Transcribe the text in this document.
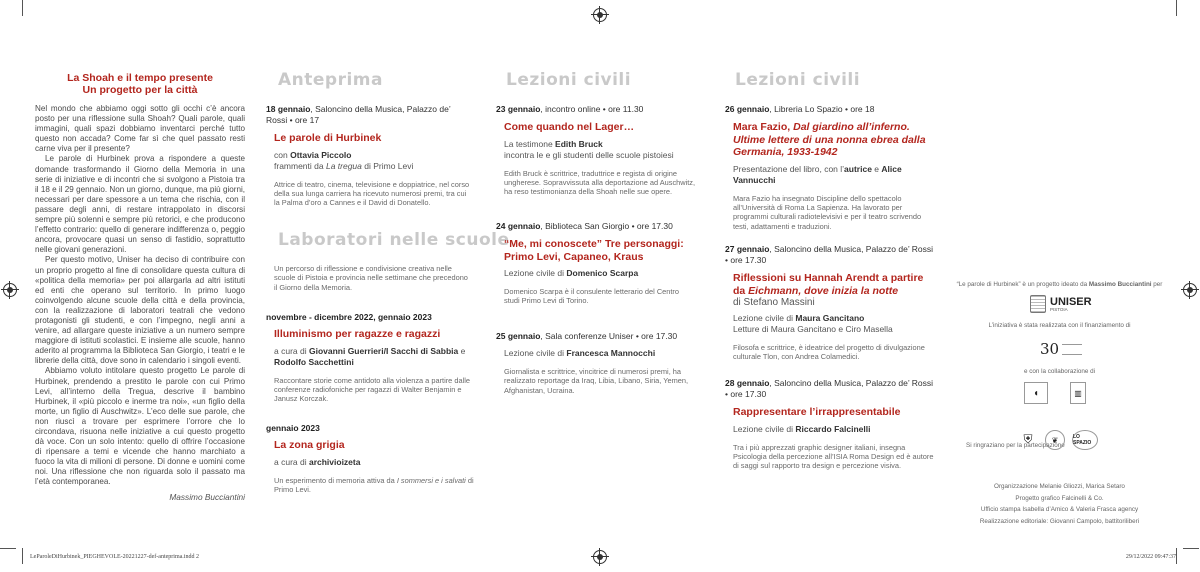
La Shoah e il tempo presente
Un progetto per la città

Nel mondo che abbiamo oggi sotto gli occhi c’è ancora posto per una riflessione sulla Shoah? Quali parole, quali immagini, quali spazi dobbiamo inventarci perché tutto questo non accada? Come far sì che quel passato resti carne viva per il presente?

Le parole di Hurbinek prova a rispondere a queste domande trasformando il Giorno della Memoria in una serie di iniziative e di incontri che si svolgono a Pistoia tra il 18 e il 29 gennaio. Non un giorno, dunque, ma più giorni, necessari per dare spessore a un tema che rischia, con il passare degli anni, di restare intrappolato in discorsi sempre più solenni e sempre più retorici, e che producono l’effetto contrario: quello di generare indifferenza o, peggio ancora, provocare quasi un senso di fastidio, soprattutto nelle giovani generazioni.

Per questo motivo, Uniser ha deciso di contribuire con un proprio progetto al fine di consolidare questa cultura di «politica della memoria» per poi allargarla ad altri istituti ed enti che operano sul territorio. In primo luogo coinvolgendo alcune scuole della città e della provincia, con la realizzazione di laboratori teatrali che vedono protagonisti gli studenti, e con l’impegno, negli anni a venire, ad allargare queste iniziative a un numero sempre maggiore di istituti scolastici. E insieme alle scuole, hanno aderito al programma la Biblioteca San Giorgio, i teatri e le librerie della città, dove sono in calendario i singoli eventi.

Abbiamo voluto intitolare questo progetto Le parole di Hurbinek, prendendo a prestito le parole con cui Primo Levi, all’interno della Tregua, descrive il bambino Hurbinek, il «più piccolo e inerme tra noi», «un figlio della morte, un figlio di Auschwitz». L’eco delle sue parole, che non riuscì a trovare per esprimere l’orrore che lo circondava, risuona nelle iniziative a cui questo progetto dà voce. Con un solo intento: quello di offrire l’occasione di ripensare a temi e vicende che hanno marchiato a fuoco la vita di milioni di persone. Di donne e uomini come noi. Una riflessione che non riguarda solo il passato ma l’età contemporanea.

Massimo Bucciantini
Anteprima
18 gennaio, Saloncino della Musica, Palazzo de’ Rossi • ore 17
Le parole di Hurbinek
con Ottavia Piccolo
frammenti da La tregua di Primo Levi
Attrice di teatro, cinema, televisione e doppiatrice, nel corso della sua lunga carriera ha ricevuto numerosi premi, tra cui la Palma d’oro a Cannes e il David di Donatello.
Laboratori nelle scuole
Un percorso di riflessione e condivisione creativa nelle scuole di Pistoia e provincia nelle settimane che precedono il Giorno della Memoria.
novembre - dicembre 2022, gennaio 2023
Illuminismo per ragazze e ragazzi
a cura di Giovanni Guerrieri/I Sacchi di Sabbia e Rodolfo Sacchettini
Raccontare storie come antidoto alla violenza a partire dalle conferenze radiofoniche per ragazzi di Walter Benjamin e Janusz Korczak.
gennaio 2023
La zona grigia
a cura di archivioizeta
Un esperimento di memoria attiva da I sommersi e i salvati di Primo Levi.
Lezioni civili
23 gennaio, incontro online • ore 11.30
Come quando nel Lager…
La testimone Edith Bruck
incontra le e gli studenti delle scuole pistoiesi
Edith Bruck è scrittrice, traduttrice e regista di origine ungherese. Sopravvissuta alla deportazione ad Auschwitz, ha reso testimonianza della Shoah nelle sue opere.
24 gennaio, Biblioteca San Giorgio • ore 17.30
“Me, mi conoscete” Tre personaggi: Primo Levi, Capaneo, Kraus
Lezione civile di Domenico Scarpa
Domenico Scarpa è il consulente letterario del Centro studi Primo Levi di Torino.
25 gennaio, Sala conferenze Uniser • ore 17.30
Lezione civile di Francesca Mannocchi
Giornalista e scrittrice, vincitrice di numerosi premi, ha realizzato reportage da Iraq, Libia, Libano, Siria, Yemen, Afghanistan, Ucraina.
Lezioni civili
26 gennaio, Libreria Lo Spazio • ore 18
Mara Fazio, Dal giardino all’inferno. Ultime lettere di una nonna ebrea dalla Germania, 1933-1942
Presentazione del libro, con l’autrice e Alice Vannucchi
Mara Fazio ha insegnato Discipline dello spettacolo all’Università di Roma La Sapienza. Ha lavorato per programmi culturali radiotelevisivi e per il teatro scrivendo testi, adattamenti e traduzioni.
27 gennaio, Saloncino della Musica, Palazzo de’ Rossi • ore 17.30
Riflessioni su Hannah Arendt a partire da Eichmann, dove inizia la notte
di Stefano Massini
Lezione civile di Maura Gancitano
Letture di Maura Gancitano e Ciro Masella
Filosofa e scrittrice, è ideatrice del progetto di divulgazione culturale Tlon, con Andrea Colamedici.
28 gennaio, Saloncino della Musica, Palazzo de’ Rossi • ore 17.30
Rappresentare l’irrappresentabile
Lezione civile di Riccardo Falcinelli
Tra i più apprezzati graphic designer italiani, insegna Psicologia della percezione all’ISIA Roma Design ed è autore di saggi sul rapporto tra design e percezione visiva.
“Le parole di Hurbinek” è un progetto ideato da Massimo Bucciantini per
UNISER
PISTOIA
L’iniziativa è stata realizzata con il finanziamento di
30
e con la collaborazione di
◖	▥
Si ringraziano per la partecipazione
⛨ ❦	LO SPAZIO
Organizzazione Melanie Gliozzi, Marica Setaro
Progetto grafico Falcinelli & Co.
Ufficio stampa Isabella d’Amico & Valeria Frasca agency
Realizzazione editoriale: Giovanni Campolo, battitoriliberi
LeParoleDiHurbinek_PIEGHEVOLE-20221227-def-anteprima.indd 2	29/12/2022 09:47:37
